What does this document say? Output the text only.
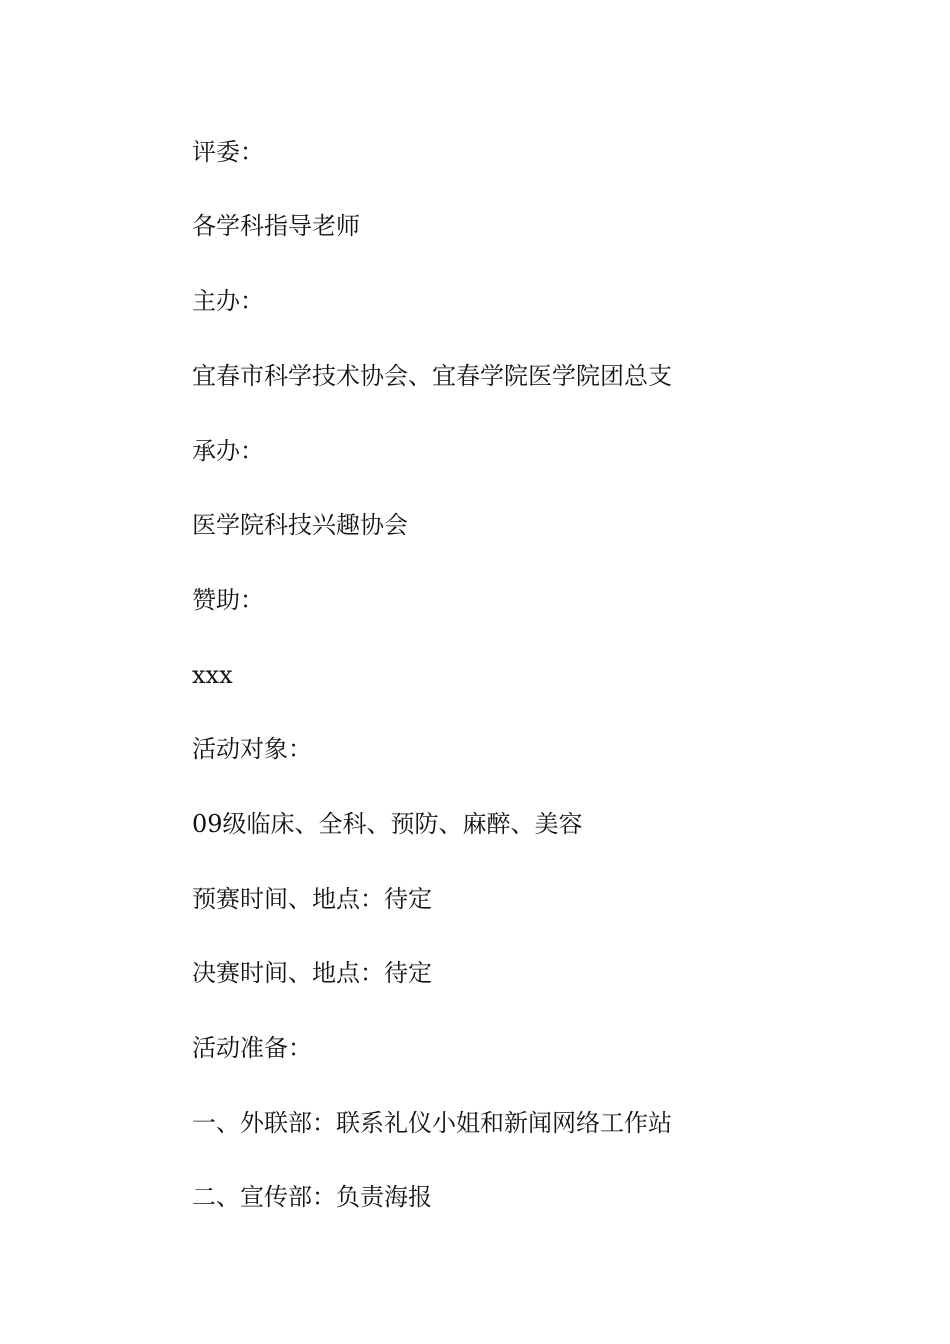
评委：

各学科指导老师

主办：

宜春市科学技术协会、宜春学院医学院团总支

承办：

医学院科技兴趣协会

赞助：

xxx

活动对象：

09级临床、全科、预防、麻醉、美容

预赛时间、地点：待定

决赛时间、地点：待定

活动准备：

一、外联部：联系礼仪小姐和新闻网络工作站

二、宣传部：负责海报
